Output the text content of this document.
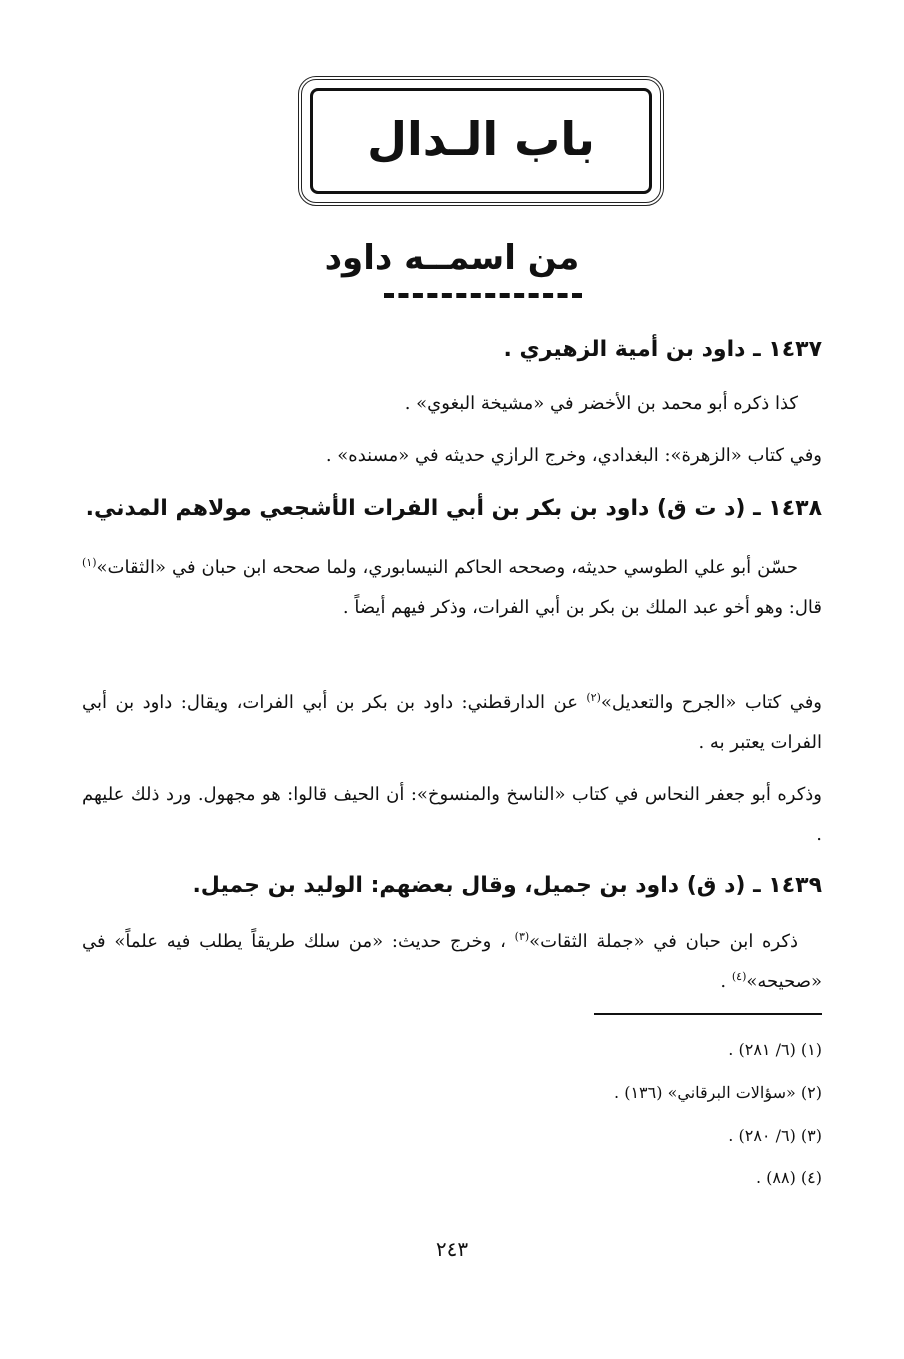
باب الـدال
من اسمــه داود
١٤٣٧ ـ داود بن أمية الزهيري .
كذا ذكره أبو محمد بن الأخضر في «مشيخة البغوي» .
وفي كتاب «الزهرة»: البغدادي، وخرج الرازي حديثه في «مسنده» .
١٤٣٨ ـ (د ت ق) داود بن بكر بن أبي الفرات الأشجعي مولاهم المدني.
حسّن أبو علي الطوسي حديثه، وصححه الحاكم النيسابوري، ولما صححه ابن حبان في «الثقات»$^{(١)}$ قال: وهو أخو عبد الملك بن بكر بن أبي الفرات، وذكر فيهم أيضاً .
وفي كتاب «الجرح والتعديل»$^{(٢)}$ عن الدارقطني: داود بن بكر بن أبي الفرات، ويقال: داود بن أبي الفرات يعتبر به .
وذكره أبو جعفر النحاس في كتاب «الناسخ والمنسوخ»: أن الحيف قالوا: هو مجهول. ورد ذلك عليهم .
١٤٣٩ ـ (د ق) داود بن جميل، وقال بعضهم: الوليد بن جميل.
ذكره ابن حبان في «جملة الثقات»$^{(٣)}$ ، وخرج حديث: «من سلك طريقاً يطلب فيه علماً» في «صحيحه»$^{(٤)}$ .
(١) (٦/ ٢٨١) .
(٢) «سؤالات البرقاني» (١٣٦) .
(٣) (٦/ ٢٨٠) .
(٤) (٨٨) .
٢٤٣
